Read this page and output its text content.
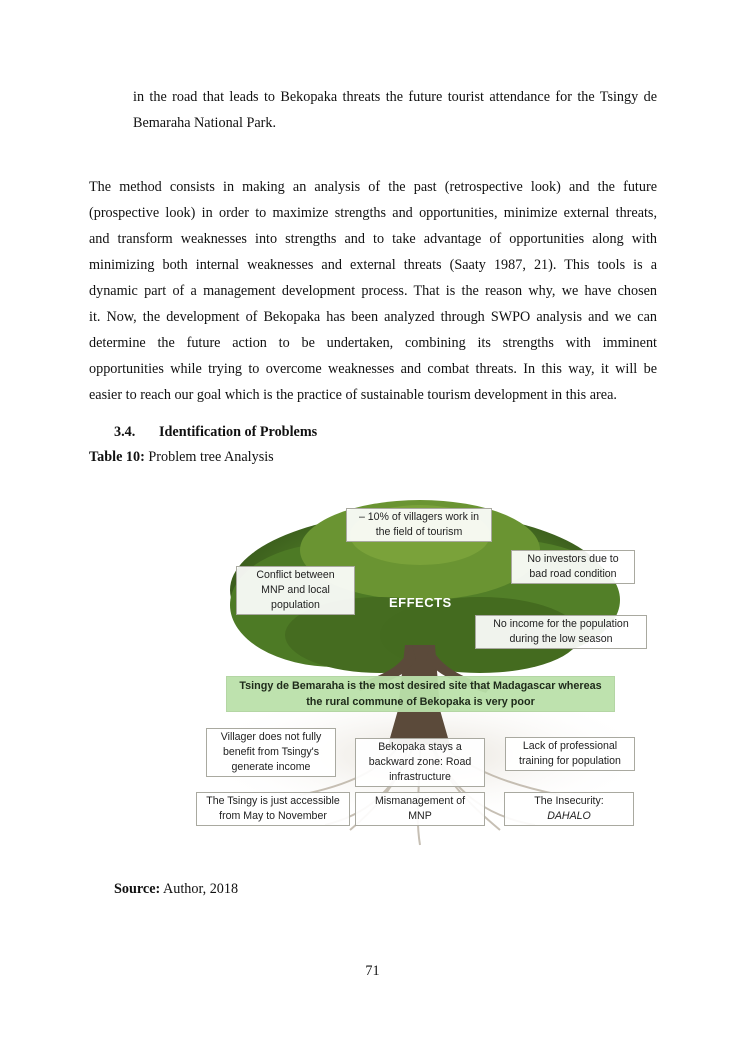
in the road that leads to Bekopaka threats the future tourist attendance for the Tsingy de
Bemaraha National Park.

The method consists in making an analysis of the past (retrospective look) and the future
(prospective look) in order to maximize strengths and opportunities, minimize external threats,
and transform weaknesses into strengths and to take advantage of opportunities along with
minimizing both internal weaknesses and external threats (Saaty 1987, 21). This tools is a
dynamic part of a management development process. That is the reason why, we have chosen
it. Now, the development of Bekopaka has been analyzed through SWPO analysis and we can
determine the future action to be undertaken, combining its strengths with imminent
opportunities while trying to overcome weaknesses and combat threats. In this way, it will be
easier to reach our goal which is the practice of sustainable tourism development in this area.

3.4. Identification of Problems
Table 10: Problem tree Analysis
EFFECTS
– 10% of villagers work in
the field of tourism
No investors due to
bad road condition
Conflict between
MNP and local
population
No income for the population
during the low season
Tsingy de Bemaraha is the most desired site that Madagascar whereas
the rural commune of Bekopaka is very poor
Villager does not fully
benefit from Tsingy's
generate income
Bekopaka stays a
backward zone: Road
infrastructure
Lack of professional
training for population
The Tsingy is just accessible
from May to November
Mismanagement of
MNP
The Insecurity:
DAHALO
Source: Author, 2018
71
